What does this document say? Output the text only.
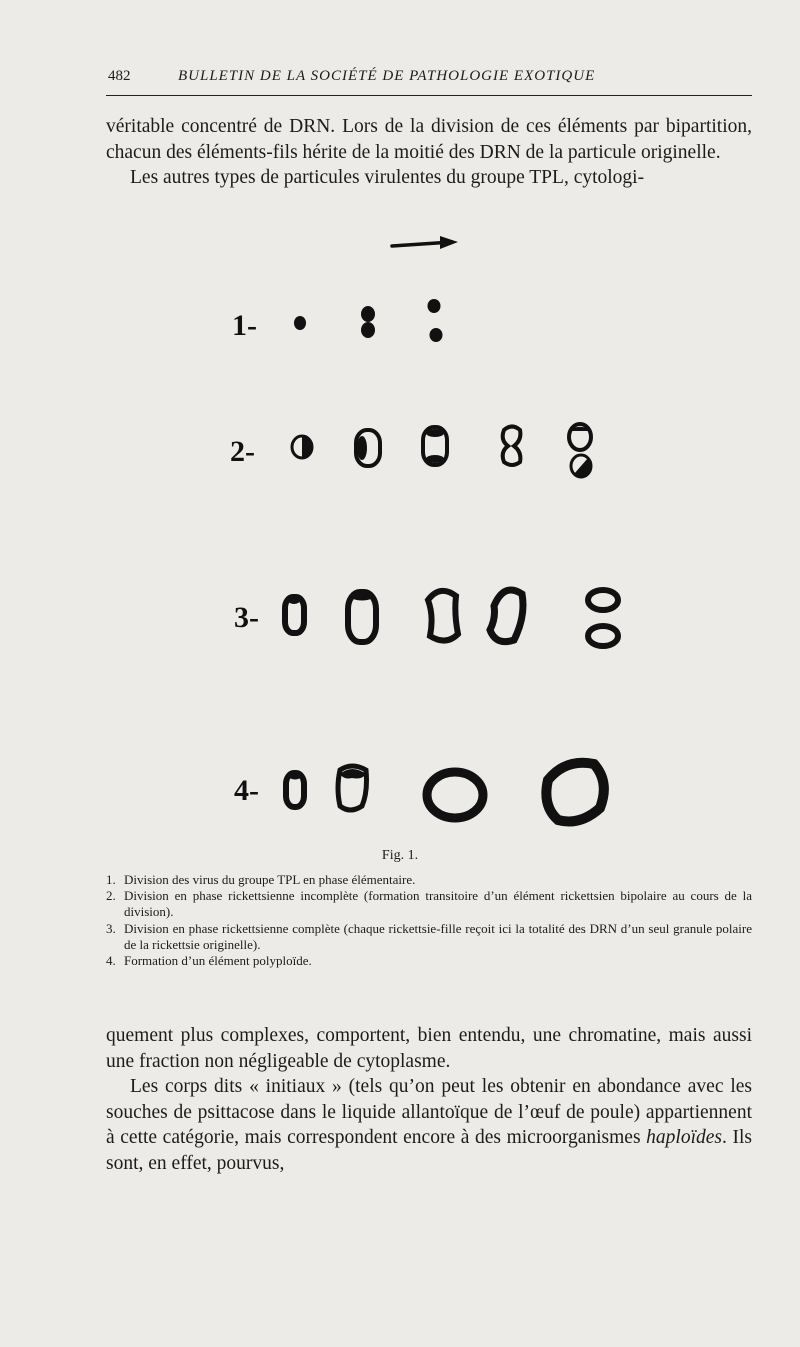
482	BULLETIN DE LA SOCIÉTÉ DE PATHOLOGIE EXOTIQUE

véritable concentré de DRN. Lors de la division de ces éléments par bipartition, chacun des éléments-fils hérite de la moitié des DRN de la particule originelle.

Les autres types de particules virulentes du groupe TPL, cytologi-

1-
2-
3-
4-
Fig. 1.
1. Division des virus du groupe TPL en phase élémentaire.
2. Division en phase rickettsienne incomplète (formation transitoire d’un élément rickettsien bipolaire au cours de la division).
3. Division en phase rickettsienne complète (chaque rickettsie-fille reçoit ici la totalité des DRN d’un seul granule polaire de la rickettsie originelle).
4. Formation d’un élément polyploïde.

quement plus complexes, comportent, bien entendu, une chromatine, mais aussi une fraction non négligeable de cytoplasme.

Les corps dits « initiaux » (tels qu’on peut les obtenir en abondance avec les souches de psittacose dans le liquide allantoïque de l’œuf de poule) appartiennent à cette catégorie, mais correspondent encore à des microorganismes haploïdes. Ils sont, en effet, pourvus,
